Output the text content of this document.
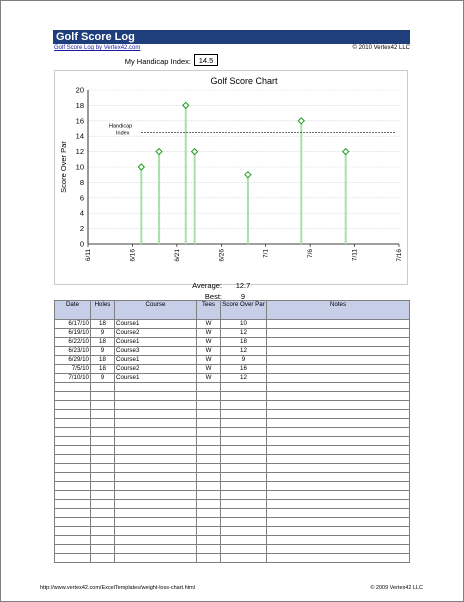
Golf Score Log
Golf Score Log by Vertex42.com	© 2010 Vertex42 LLC
My Handicap Index:	14.5
0
2
4
6
8
10
12
14
16
18
20
6/11	6/16	6/21	6/26	7/1	7/6	7/11	7/16
Handicap
Index
Golf Score Chart
Score Over Par
Average:	12.7
Best:	9
Date	Holes	Course	Tees	Score Over Par	Notes
6/17/10	18	Course1	W	10	
6/19/10	9	Course2	W	12	
6/22/10	18	Course1	W	18	
6/23/10	9	Course3	W	12	
6/29/10	18	Course1	W	9	
7/5/10	18	Course2	W	16	
7/10/10	9	Course1	W	12	

http://www.vertex42.com/ExcelTemplates/weight-loss-chart.html	© 2009 Vertex42 LLC
